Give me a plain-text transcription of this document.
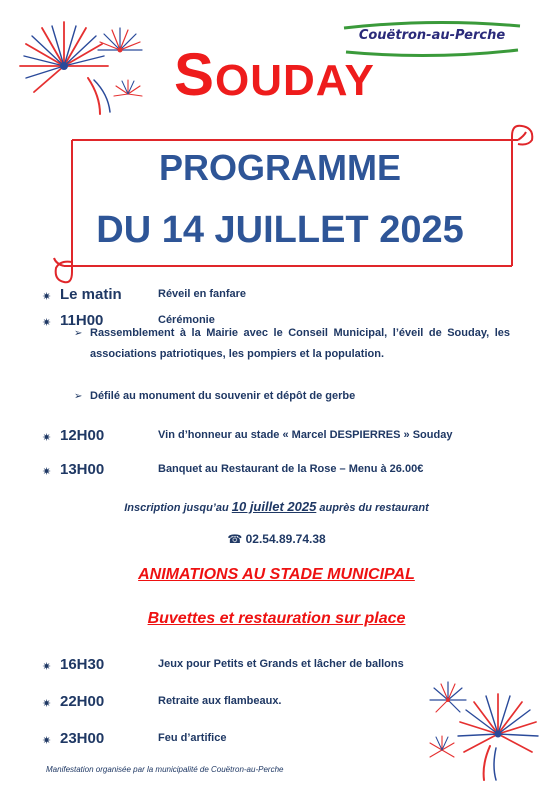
Couëtron-au-Perche
SOUDAY
PROGRAMME
DU 14 JUILLET 2025
✷ Le matin	Réveil en fanfare
✷ 11H00	Cérémonie
➢ Rassemblement à la Mairie avec le Conseil Municipal, l’éveil de Souday, les associations patriotiques, les pompiers et la population.
➢ Défilé au monument du souvenir et dépôt de gerbe
✷ 12H00	Vin d’honneur au stade « Marcel DESPIERRES » Souday
✷ 13H00	Banquet au Restaurant de la Rose – Menu à 26.00€
Inscription jusqu’au 10 juillet 2025 auprès du restaurant
☎ 02.54.89.74.38
ANIMATIONS AU STADE MUNICIPAL
Buvettes et restauration sur place
✷ 16H30	Jeux pour Petits et Grands et lâcher de ballons
✷ 22H00	Retraite aux flambeaux.
✷ 23H00	Feu d’artifice
Manifestation organisée par la municipalité de Couëtron-au-Perche
